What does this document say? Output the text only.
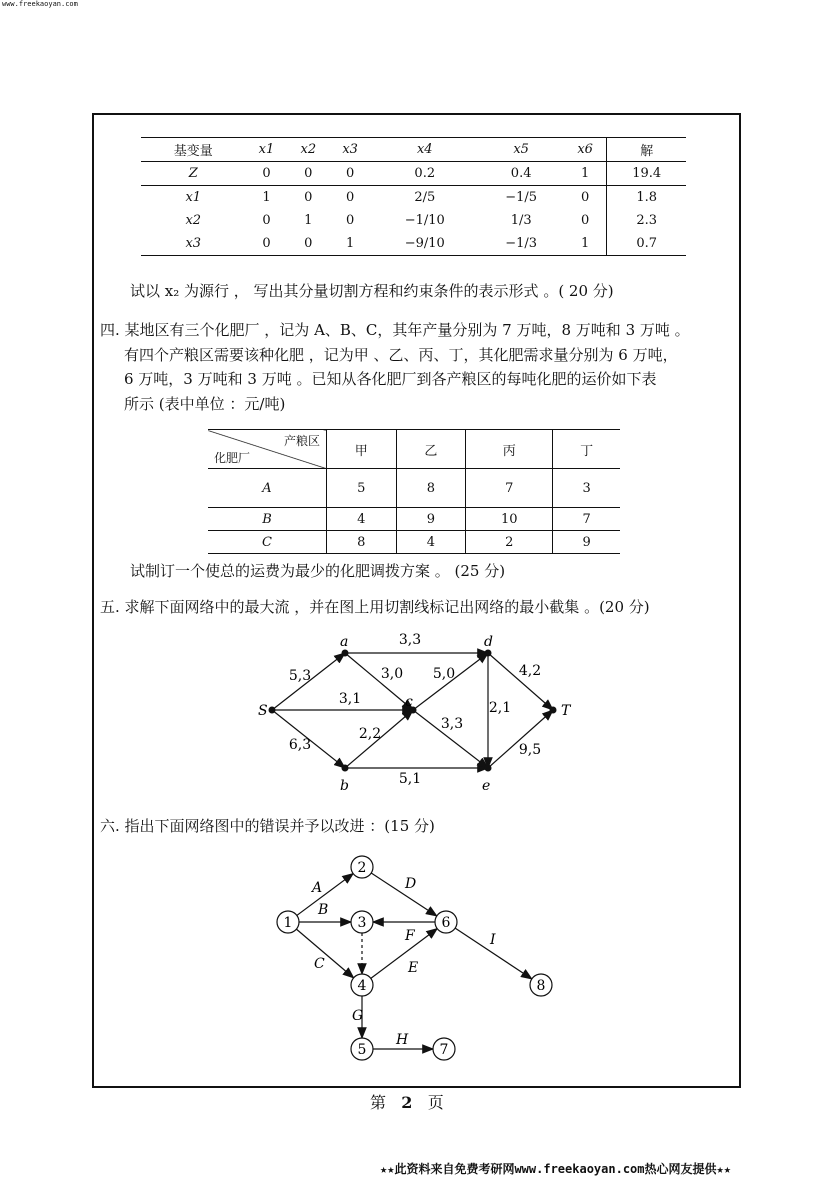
www.freekaoyan.com
基变量	x1	x2	x3	x4	x5	x6	解
Z	0	0	0	0.2	0.4	1	19.4
x1	1	0	0	2/5	−1/5	0	1.8
x2	0	1	0	−1/10	1/3	0	2.3
x3	0	0	1	−9/10	−1/3	1	0.7
试以 x₂ 为源行 ， 写出其分量切割方程和约束条件的表示形式 。( 20 分)
四. 某地区有三个化肥厂 ，记为 A、B、C，其年产量分别为 7 万吨，8 万吨和 3 万吨 。
有四个产粮区需要该种化肥 ，记为甲 、乙、丙、丁，其化肥需求量分别为 6 万吨，
6 万吨，3 万吨和 3 万吨 。已知从各化肥厂到各产粮区的每吨化肥的运价如下表
所示 (表中单位 ：元/吨)
产粮区
化肥厂	甲	乙	丙	丁
A	5	8	7	3
B	4	9	10	7
C	8	4	2	9
试制订一个使总的运费为最少的化肥调拨方案 。 (25 分)
五. 求解下面网络中的最大流 ，并在图上用切割线标记出网络的最小截集 。(20 分)
5,3
3,1
6,3
3,3
3,0
2,2
5,1
5,0
3,3
2,1
4,2
9,5
S
a	d
c
T
b	e
A	D
B
F
C	E
I
G
H
1
2
3
4
5
6
7
8
六. 指出下面网络图中的错误并予以改进 ：(15 分)
第 2 页
★★此资料来自免费考研网www.freekaoyan.com热心网友提供★★
